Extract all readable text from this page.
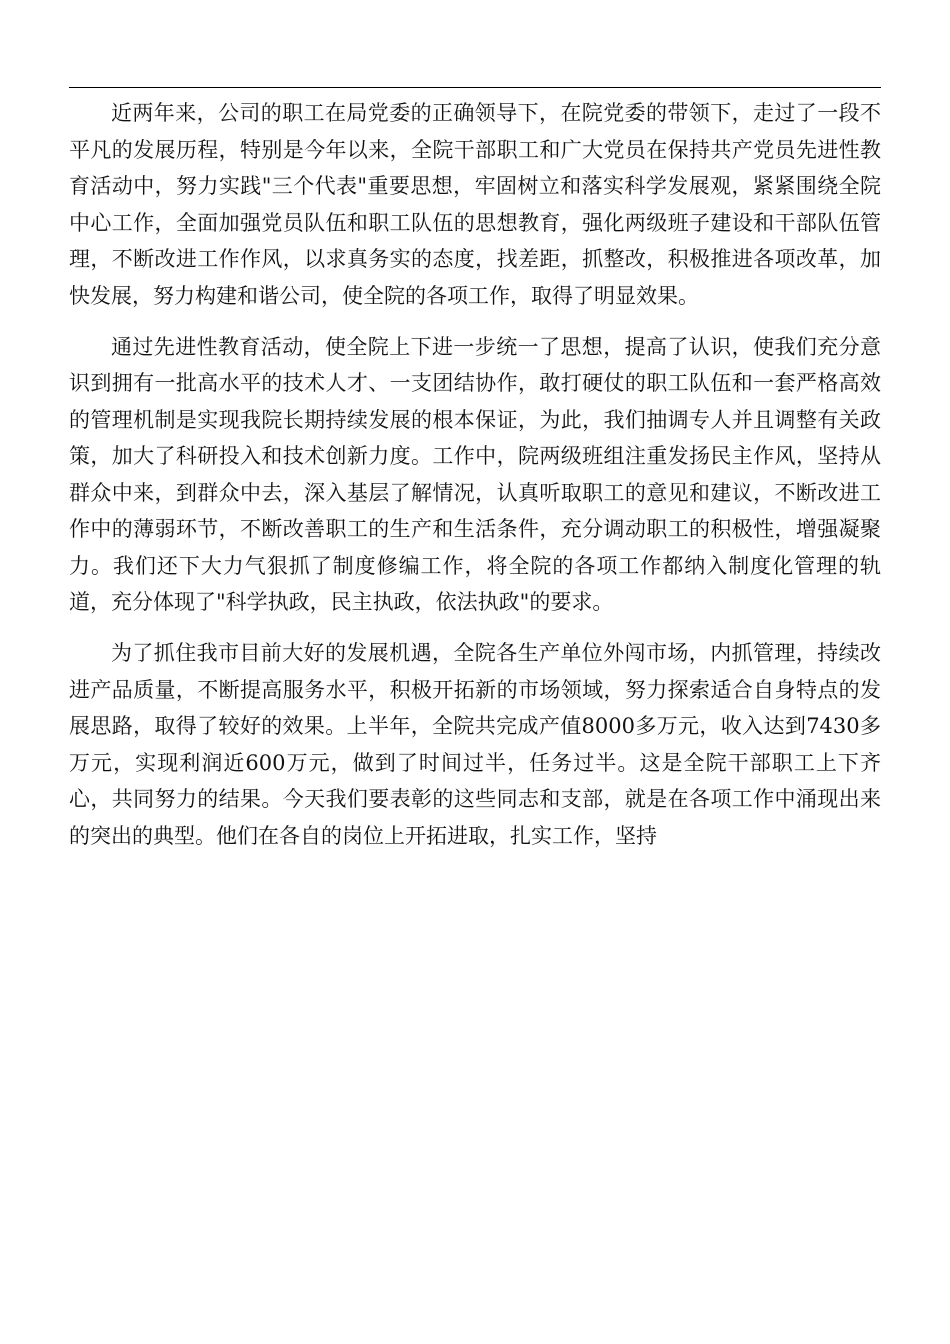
近两年来，公司的职工在局党委的正确领导下，在院党委的带领下，走过了一段不平凡的发展历程，特别是今年以来，全院干部职工和广大党员在保持共产党员先进性教育活动中，努力实践"三个代表"重要思想，牢固树立和落实科学发展观，紧紧围绕全院中心工作，全面加强党员队伍和职工队伍的思想教育，强化两级班子建设和干部队伍管理，不断改进工作作风，以求真务实的态度，找差距，抓整改，积极推进各项改革，加快发展，努力构建和谐公司，使全院的各项工作，取得了明显效果。

通过先进性教育活动，使全院上下进一步统一了思想，提高了认识，使我们充分意识到拥有一批高水平的技术人才、一支团结协作，敢打硬仗的职工队伍和一套严格高效的管理机制是实现我院长期持续发展的根本保证，为此，我们抽调专人并且调整有关政策，加大了科研投入和技术创新力度。工作中，院两级班组注重发扬民主作风，坚持从群众中来，到群众中去，深入基层了解情况，认真听取职工的意见和建议，不断改进工作中的薄弱环节，不断改善职工的生产和生活条件，充分调动职工的积极性，增强凝聚力。我们还下大力气狠抓了制度修编工作，将全院的各项工作都纳入制度化管理的轨道，充分体现了"科学执政，民主执政，依法执政"的要求。

为了抓住我市目前大好的发展机遇，全院各生产单位外闯市场，内抓管理，持续改进产品质量，不断提高服务水平，积极开拓新的市场领域，努力探索适合自身特点的发展思路，取得了较好的效果。上半年，全院共完成产值8000多万元，收入达到7430多万元，实现利润近600万元，做到了时间过半，任务过半。这是全院干部职工上下齐心，共同努力的结果。今天我们要表彰的这些同志和支部，就是在各项工作中涌现出来的突出的典型。他们在各自的岗位上开拓进取，扎实工作，坚持
